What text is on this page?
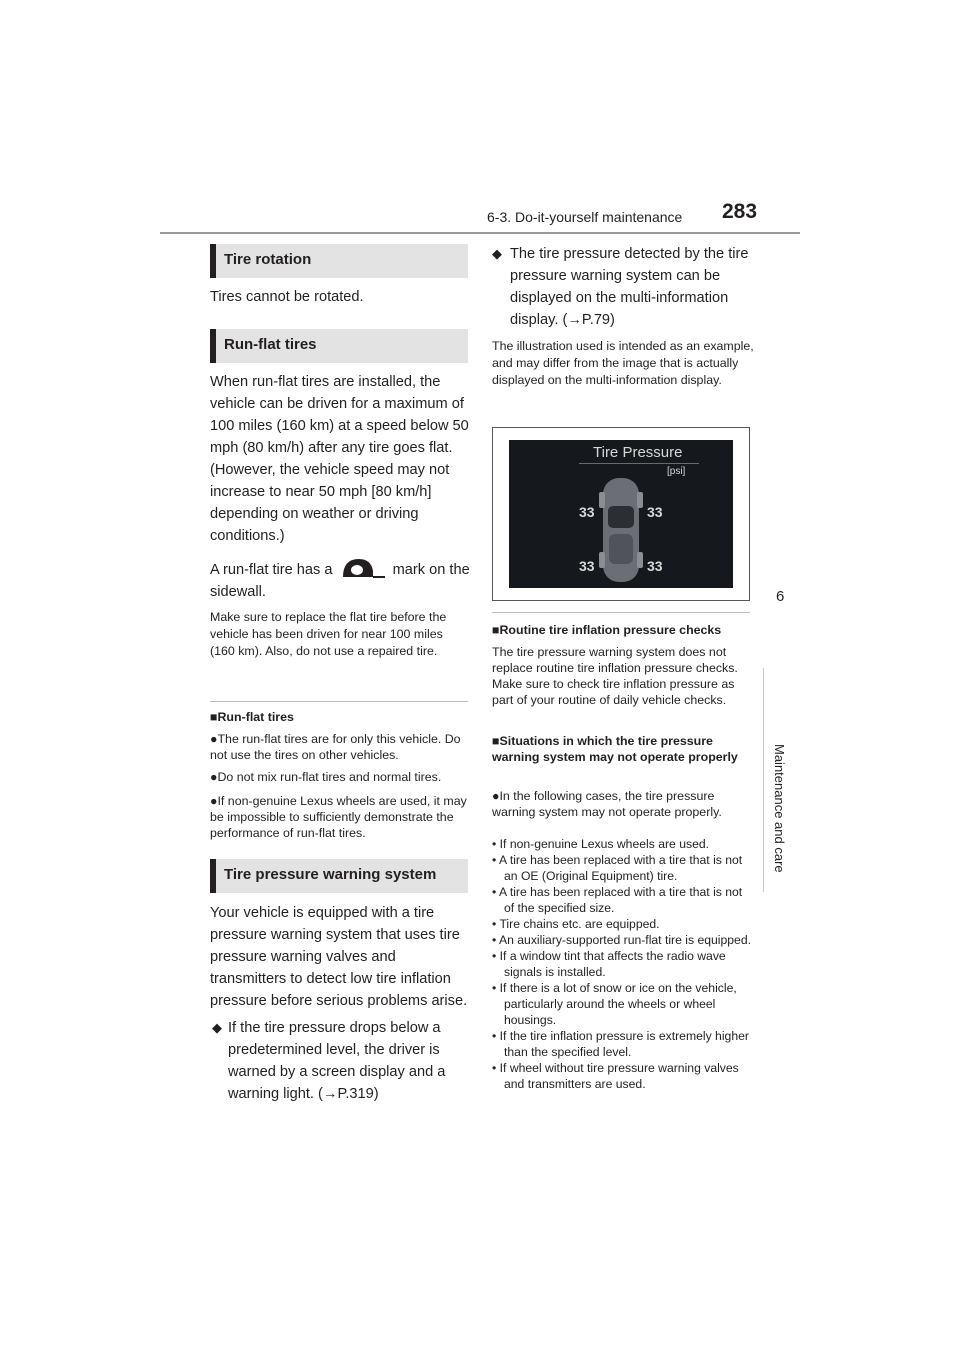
6-3. Do-it-yourself maintenance 283
6
Maintenance and care
Tire rotation
Tires cannot be rotated.
Run-flat tires
When run-flat tires are installed, the vehicle can be driven for a maximum of 100 miles (160 km) at a speed below 50 mph (80 km/h) after any tire goes flat. (However, the vehicle speed may not increase to near 50 mph [80 km/h] depending on weather or driving conditions.)
A run-flat tire has a	mark on the sidewall.
Make sure to replace the flat tire before the vehicle has been driven for near 100 miles (160 km). Also, do not use a repaired tire.
■Run-flat tires
●The run-flat tires are for only this vehicle. Do not use the tires on other vehicles.
●Do not mix run-flat tires and normal tires.
●If non-genuine Lexus wheels are used, it may be impossible to sufficiently demonstrate the performance of run-flat tires.
Tire pressure warning system
Your vehicle is equipped with a tire pressure warning system that uses tire pressure warning valves and transmitters to detect low tire inflation pressure before serious problems arise.
◆ If the tire pressure drops below a predetermined level, the driver is warned by a screen display and a warning light. (→P.319)
◆ The tire pressure detected by the tire pressure warning system can be displayed on the multi-information display. (→P.79)
The illustration used is intended as an example, and may differ from the image that is actually displayed on the multi-information display.
Tire Pressure
[psi]
33	33
33	33
■Routine tire inflation pressure checks
The tire pressure warning system does not replace routine tire inflation pressure checks. Make sure to check tire inflation pressure as part of your routine of daily vehicle checks.
■Situations in which the tire pressure warning system may not operate properly
●In the following cases, the tire pressure warning system may not operate properly.
• If non-genuine Lexus wheels are used.
• A tire has been replaced with a tire that is not an OE (Original Equipment) tire.
• A tire has been replaced with a tire that is not of the specified size.
• Tire chains etc. are equipped.
• An auxiliary-supported run-flat tire is equipped.
• If a window tint that affects the radio wave signals is installed.
• If there is a lot of snow or ice on the vehicle, particularly around the wheels or wheel housings.
• If the tire inflation pressure is extremely higher than the specified level.
• If wheel without tire pressure warning valves and transmitters are used.
